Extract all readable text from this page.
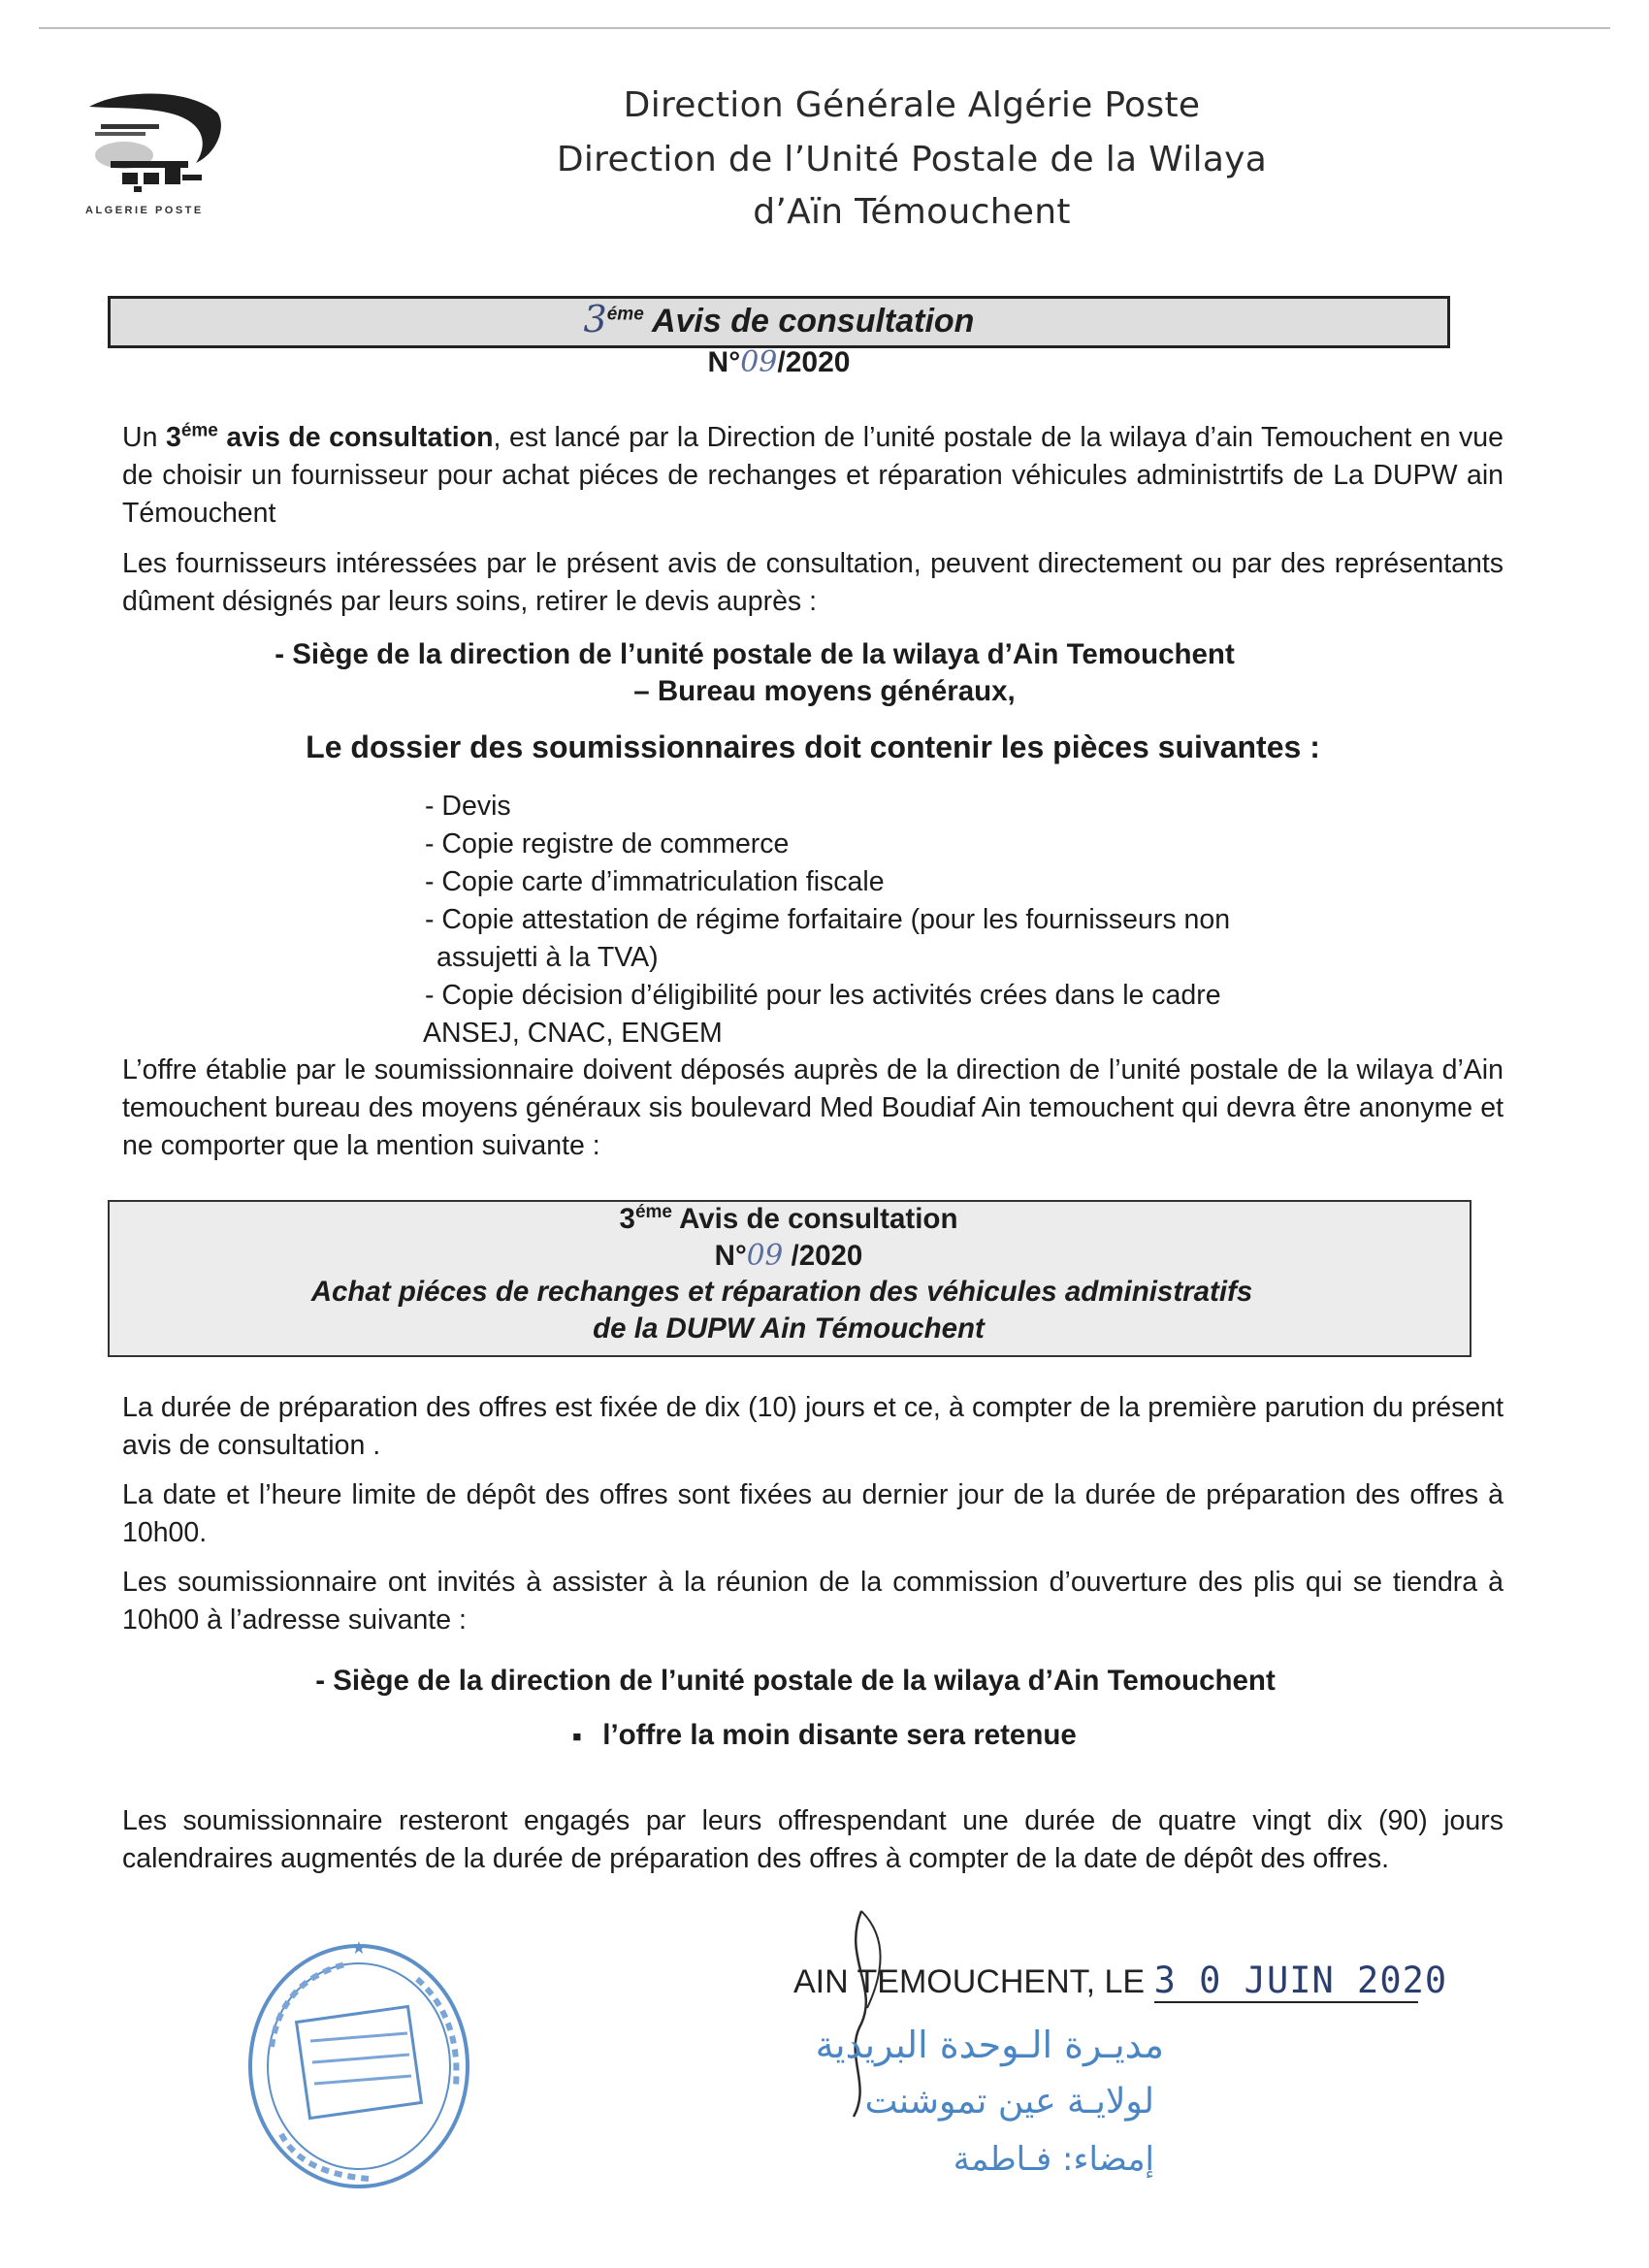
ALGERIE POSTE
Direction Générale Algérie Poste
Direction de l’Unité Postale de la Wilaya
d’Aïn Témouchent
$3^{éme}$ Avis de consultation
N°09/2020
Un $3^{éme}$ avis de consultation, est lancé par la Direction de l’unité postale de la wilaya d’ain Temouchent en vue de choisir un fournisseur pour achat piéces de rechanges et réparation véhicules administrtifs de La DUPW ain Témouchent
Les fournisseurs intéressées par le présent avis de consultation, peuvent directement ou par des représentants dûment désignés par leurs soins, retirer le devis auprès :
- Siège de la direction de l’unité postale de la wilaya d’Ain Temouchent
– Bureau moyens généraux,
Le dossier des soumissionnaires doit contenir les pièces suivantes :
- Devis
- Copie registre de commerce
- Copie carte d’immatriculation fiscale
- Copie attestation de régime forfaitaire (pour les fournisseurs non
assujetti à la TVA)
- Copie décision d’éligibilité pour les activités crées dans le cadre
ANSEJ, CNAC, ENGEM
L’offre établie par le soumissionnaire doivent déposés auprès de la direction de l’unité postale de la wilaya d’Ain temouchent bureau des moyens généraux sis boulevard Med Boudiaf Ain temouchent qui devra être anonyme et ne comporter que la mention suivante :
$3^{éme}$ Avis de consultation
N°09 /2020
Achat piéces de rechanges et réparation des véhicules administratifs
de la DUPW Ain Témouchent
La durée de préparation des offres est fixée de dix (10) jours et ce, à compter de la première parution du présent avis de consultation .
La date et l’heure limite de dépôt des offres sont fixées au dernier jour de la durée de préparation des offres à 10h00.
Les soumissionnaire ont invités à assister à la réunion de la commission d’ouverture des plis qui se tiendra à 10h00 à l’adresse suivante :
- Siège de la direction de l’unité postale de la wilaya d’Ain Temouchent
■ l’offre la moin disante sera retenue
Les soumissionnaire resteront engagés par leurs offrespendant une durée de quatre vingt dix (90) jours calendraires augmentés de la durée de préparation des offres à compter de la date de dépôt des offres.
★
AIN TEMOUCHENT, LE 3 0 JUIN 2020
مديـرة الـوحدة البريدية
لولايـة عين تموشنت
إمضاء: فـاطمة
